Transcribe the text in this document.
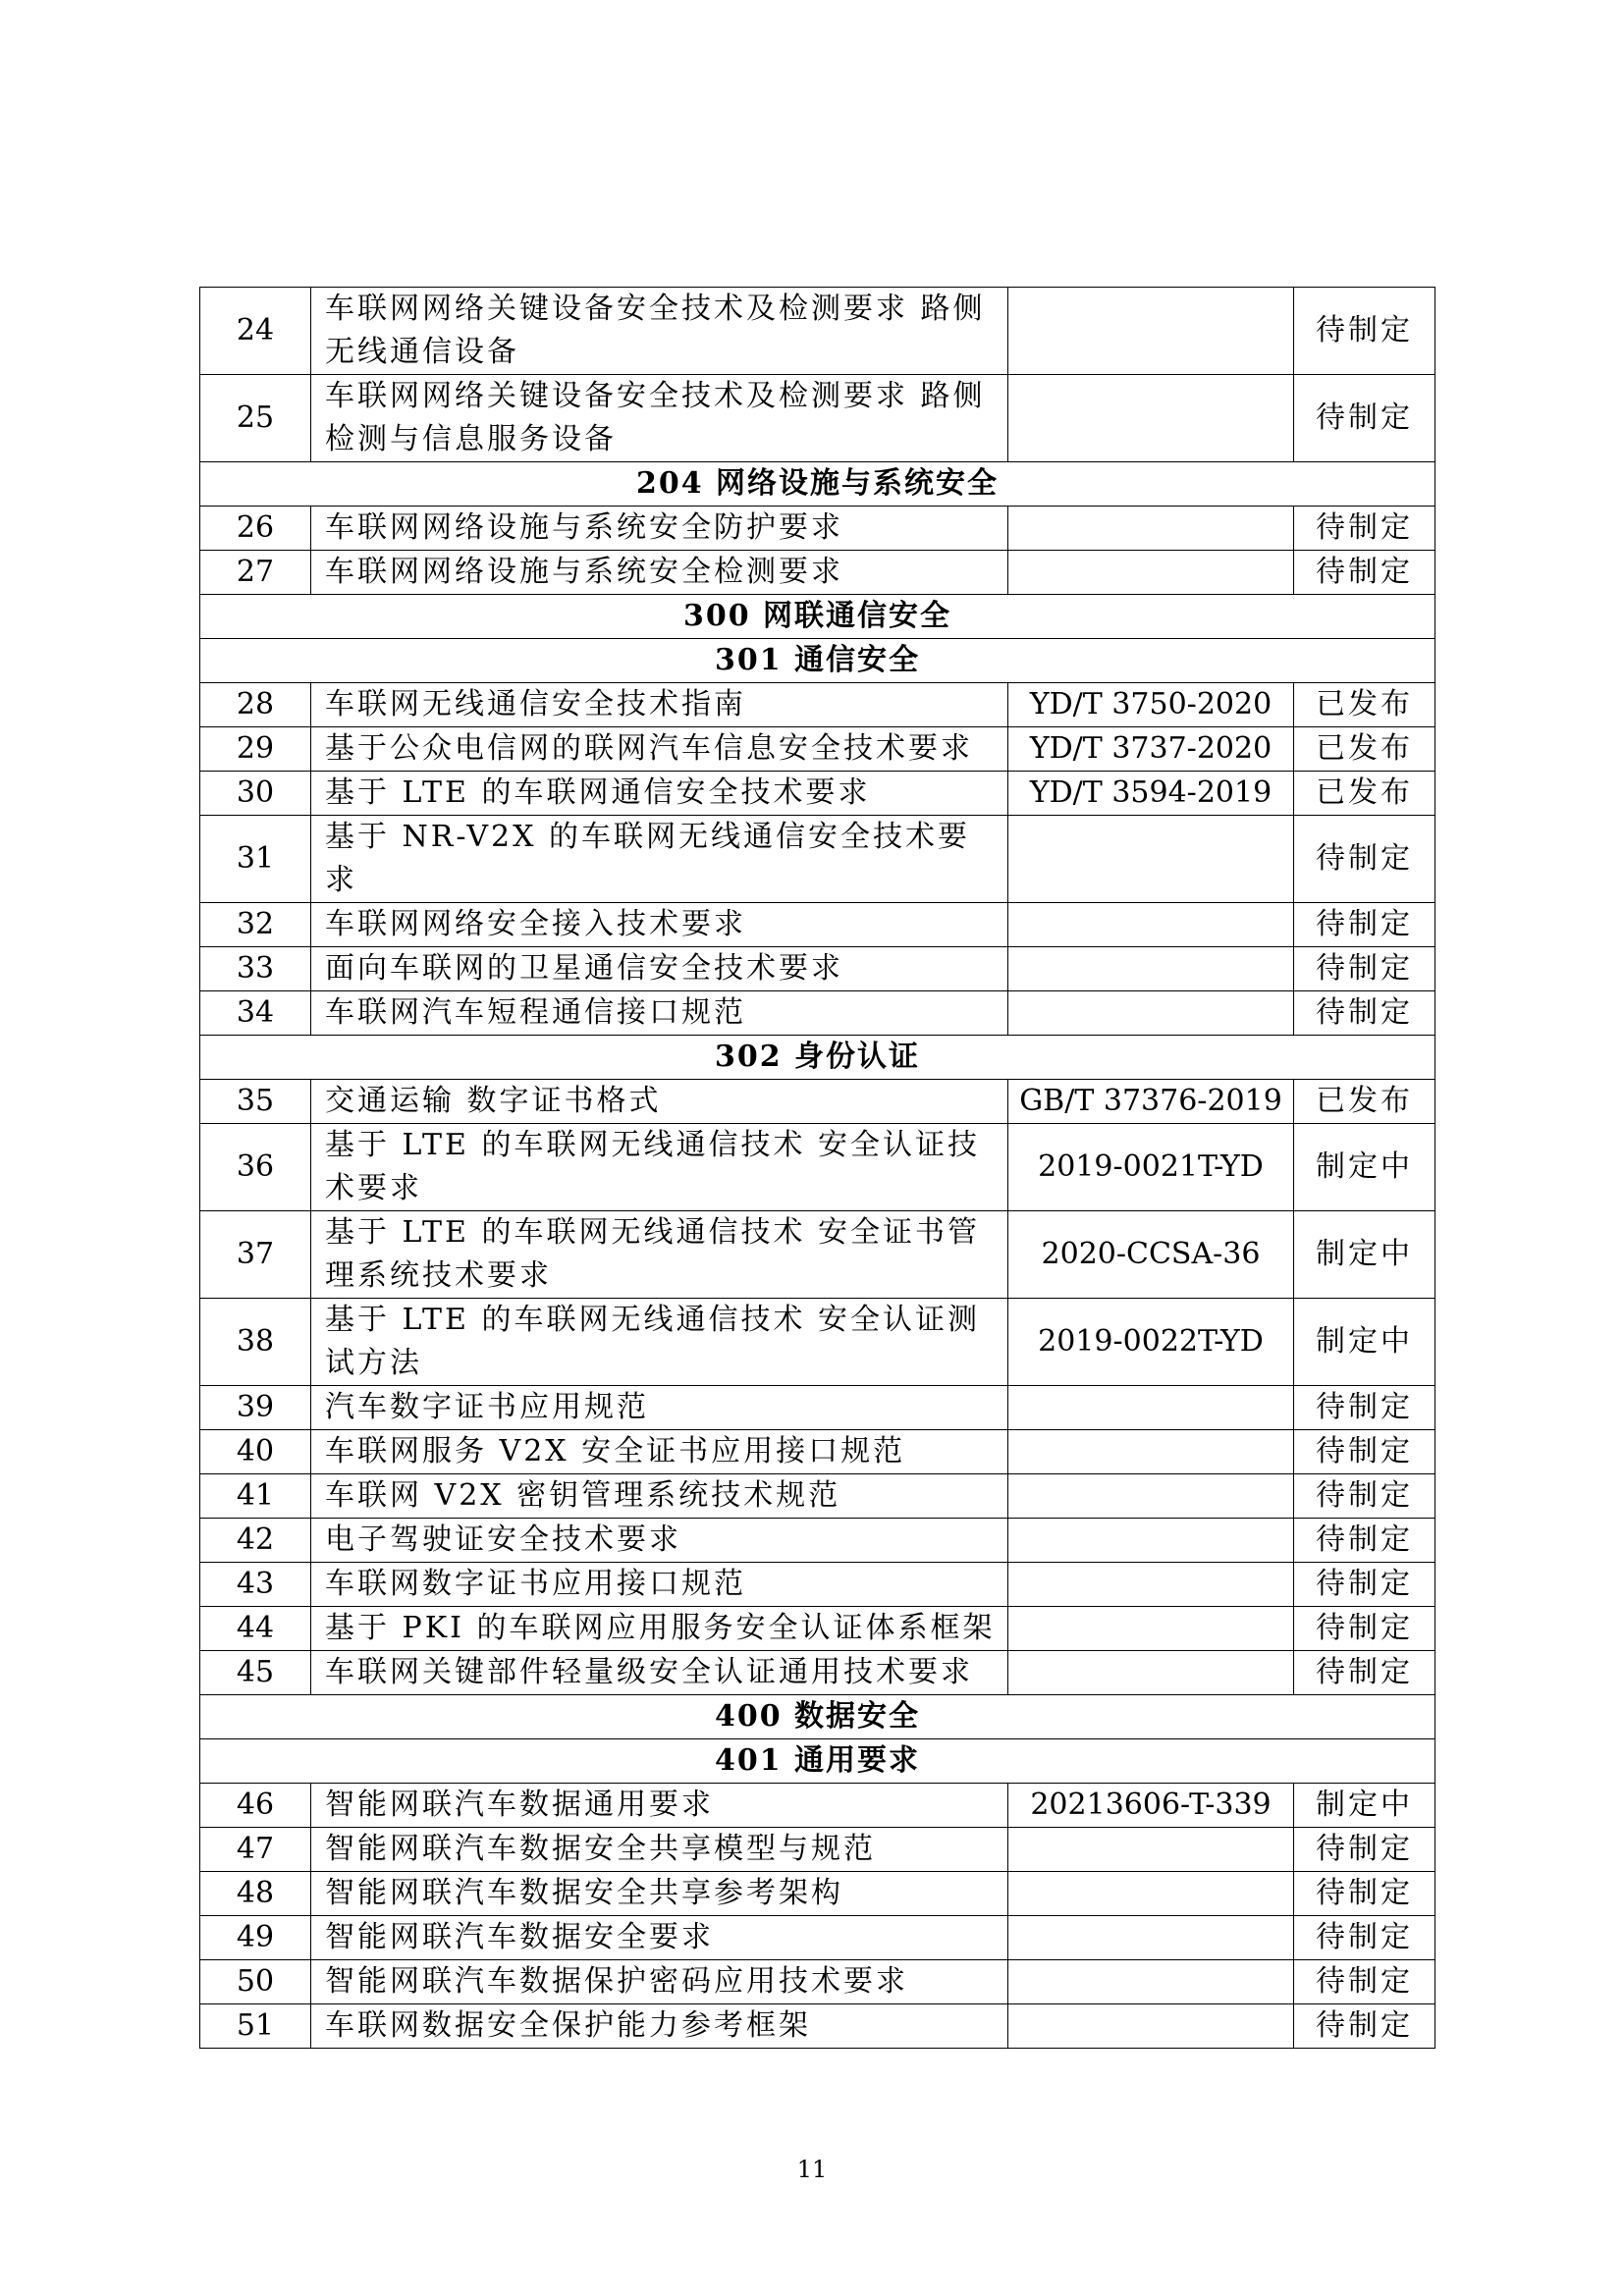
24	车联网网络关键设备安全技术及检测要求 路侧无线通信设备		待制定
25	车联网网络关键设备安全技术及检测要求 路侧检测与信息服务设备		待制定
204 网络设施与系统安全			
26	车联网网络设施与系统安全防护要求		待制定
27	车联网网络设施与系统安全检测要求		待制定
300 网联通信安全			
301 通信安全			
28	车联网无线通信安全技术指南	YD/T 3750-2020	已发布
29	基于公众电信网的联网汽车信息安全技术要求	YD/T 3737-2020	已发布
30	基于 LTE 的车联网通信安全技术要求	YD/T 3594-2019	已发布
31	基于 NR-V2X 的车联网无线通信安全技术要求		待制定
32	车联网网络安全接入技术要求		待制定
33	面向车联网的卫星通信安全技术要求		待制定
34	车联网汽车短程通信接口规范		待制定
302 身份认证			
35	交通运输 数字证书格式	GB/T 37376-2019	已发布
36	基于 LTE 的车联网无线通信技术 安全认证技术要求	2019-0021T-YD	制定中
37	基于 LTE 的车联网无线通信技术 安全证书管理系统技术要求	2020-CCSA-36	制定中
38	基于 LTE 的车联网无线通信技术 安全认证测试方法	2019-0022T-YD	制定中
39	汽车数字证书应用规范		待制定
40	车联网服务 V2X 安全证书应用接口规范		待制定
41	车联网 V2X 密钥管理系统技术规范		待制定
42	电子驾驶证安全技术要求		待制定
43	车联网数字证书应用接口规范		待制定
44	基于 PKI 的车联网应用服务安全认证体系框架		待制定
45	车联网关键部件轻量级安全认证通用技术要求		待制定
400 数据安全			
401 通用要求			
46	智能网联汽车数据通用要求	20213606-T-339	制定中
47	智能网联汽车数据安全共享模型与规范		待制定
48	智能网联汽车数据安全共享参考架构		待制定
49	智能网联汽车数据安全要求		待制定
50	智能网联汽车数据保护密码应用技术要求		待制定
51	车联网数据安全保护能力参考框架		待制定
11
